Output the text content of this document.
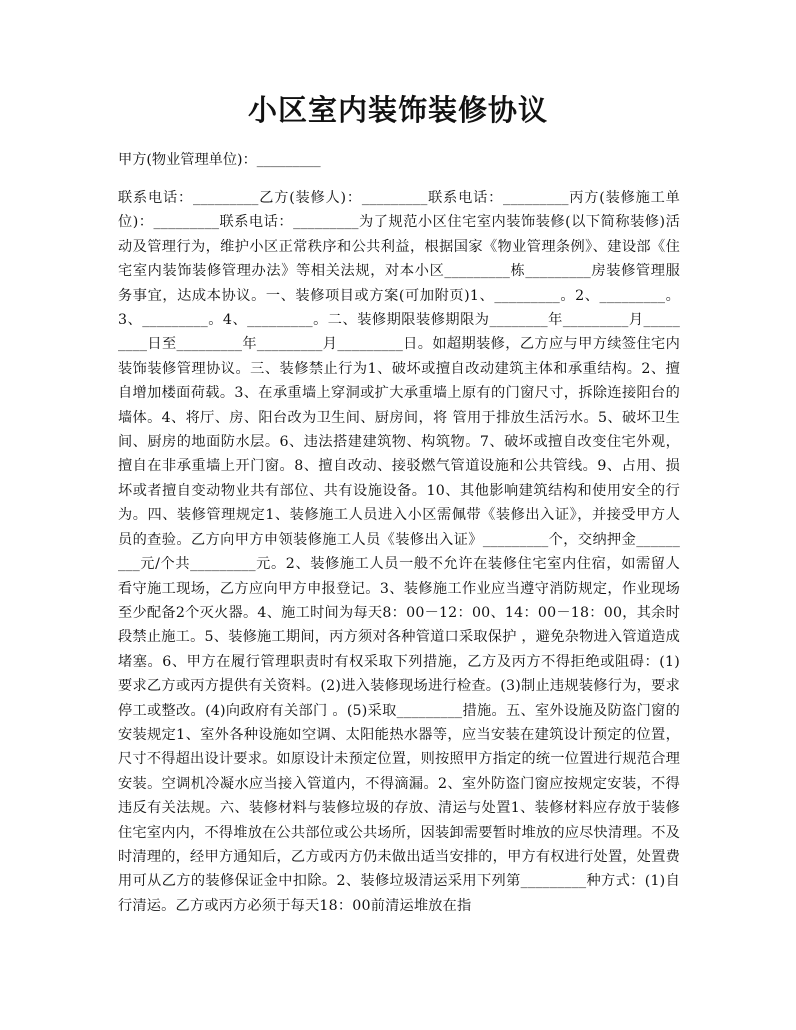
小区室内装饰装修协议
甲方(物业管理单位)：_________
联系电话：_________乙方(装修人)：_________联系电话：_________丙方(装修施工单位)：_________联系电话：_________为了规范小区住宅室内装饰装修(以下简称装修)活动及管理行为，维护小区正常秩序和公共利益，根据国家《物业管理条例》、建设部《住宅室内装饰装修管理办法》等相关法规，对本小区_________栋_________房装修管理服务事宜，达成本协议。一、装修项目或方案(可加附页)1、_________。2、_________。3、_________。4、_________。二、装修期限装修期限为________年_________月_________日至_________年_________月_________日。如超期装修，乙方应与甲方续签住宅内装饰装修管理协议。三、装修禁止行为1、破坏或擅自改动建筑主体和承重结构。2、擅自增加楼面荷载。3、在承重墙上穿洞或扩大承重墙上原有的门窗尺寸，拆除连接阳台的墙体。4、将厅、房、阳台改为卫生间、厨房间，将 管用于排放生活污水。5、破坏卫生间、厨房的地面防水层。6、违法搭建建筑物、构筑物。7、破坏或擅自改变住宅外观，擅自在非承重墙上开门窗。8、擅自改动、接驳燃气管道设施和公共管线。9、占用、损坏或者擅自变动物业共有部位、共有设施设备。10、其他影响建筑结构和使用安全的行为。四、装修管理规定1、装修施工人员进入小区需佩带《装修出入证》，并接受甲方人员的查验。乙方向甲方申领装修施工人员《装修出入证》_________个，交纳押金_________元/个共_________元。2、装修施工人员一般不允许在装修住宅室内住宿，如需留人看守施工现场，乙方应向甲方申报登记。3、装修施工作业应当遵守消防规定，作业现场至少配备2个灭火器。4、施工时间为每天8：00－12：00、14：00－18：00，其余时段禁止施工。5、装修施工期间，丙方须对各种管道口采取保护 ，避免杂物进入管道造成堵塞。6、甲方在履行管理职责时有权采取下列措施，乙方及丙方不得拒绝或阻碍：(1)要求乙方或丙方提供有关资料。(2)进入装修现场进行检查。(3)制止违规装修行为，要求停工或整改。(4)向政府有关部门 。(5)采取_________措施。五、室外设施及防盗门窗的安装规定1、室外各种设施如空调、太阳能热水器等，应当安装在建筑设计预定的位置，尺寸不得超出设计要求。如原设计未预定位置，则按照甲方指定的统一位置进行规范合理安装。空调机冷凝水应当接入管道内，不得滴漏。2、室外防盗门窗应按规定安装，不得违反有关法规。六、装修材料与装修垃圾的存放、清运与处置1、装修材料应存放于装修住宅室内内，不得堆放在公共部位或公共场所，因装卸需要暂时堆放的应尽快清理。不及时清理的，经甲方通知后，乙方或丙方仍未做出适当安排的，甲方有权进行处置，处置费用可从乙方的装修保证金中扣除。2、装修垃圾清运采用下列第_________种方式：(1)自行清运。乙方或丙方必须于每天18：00前清运堆放在指
